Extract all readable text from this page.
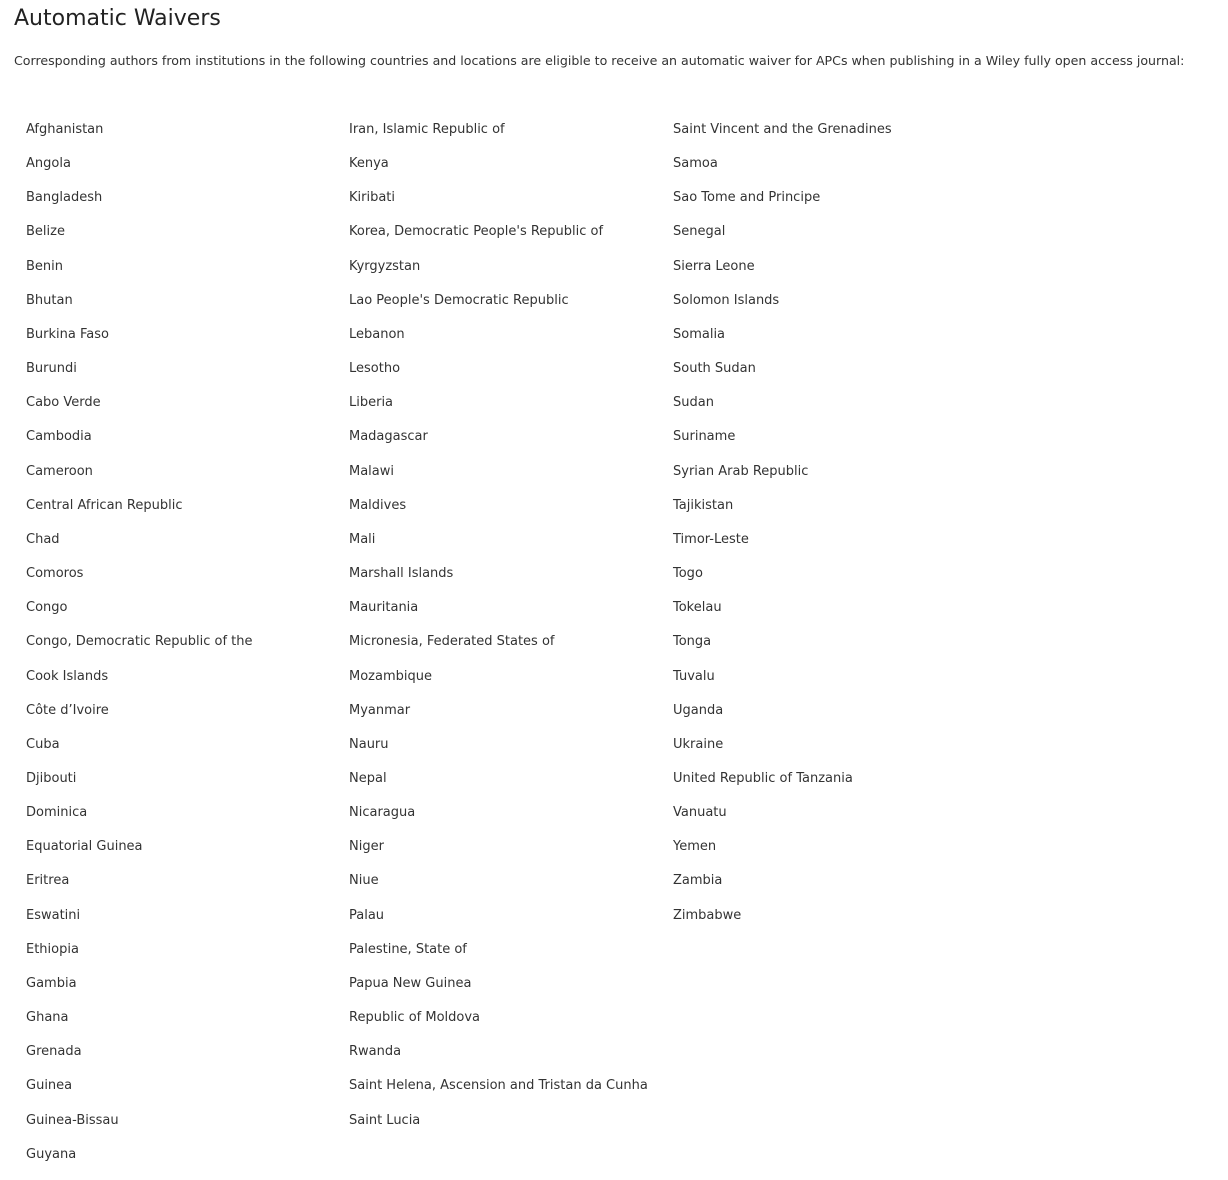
Automatic Waivers

Corresponding authors from institutions in the following countries and locations are eligible to receive an automatic waiver for APCs when publishing in a Wiley fully open access journal:

Afghanistan
Angola
Bangladesh
Belize
Benin
Bhutan
Burkina Faso
Burundi
Cabo Verde
Cambodia
Cameroon
Central African Republic
Chad
Comoros
Congo
Congo, Democratic Republic of the
Cook Islands
Côte d’Ivoire
Cuba
Djibouti
Dominica
Equatorial Guinea
Eritrea
Eswatini
Ethiopia
Gambia
Ghana
Grenada
Guinea
Guinea-Bissau
Guyana
Iran, Islamic Republic of
Kenya
Kiribati
Korea, Democratic People's Republic of
Kyrgyzstan
Lao People's Democratic Republic
Lebanon
Lesotho
Liberia
Madagascar
Malawi
Maldives
Mali
Marshall Islands
Mauritania
Micronesia, Federated States of
Mozambique
Myanmar
Nauru
Nepal
Nicaragua
Niger
Niue
Palau
Palestine, State of
Papua New Guinea
Republic of Moldova
Rwanda
Saint Helena, Ascension and Tristan da Cunha
Saint Lucia
Saint Vincent and the Grenadines
Samoa
Sao Tome and Principe
Senegal
Sierra Leone
Solomon Islands
Somalia
South Sudan
Sudan
Suriname
Syrian Arab Republic
Tajikistan
Timor-Leste
Togo
Tokelau
Tonga
Tuvalu
Uganda
Ukraine
United Republic of Tanzania
Vanuatu
Yemen
Zambia
Zimbabwe
